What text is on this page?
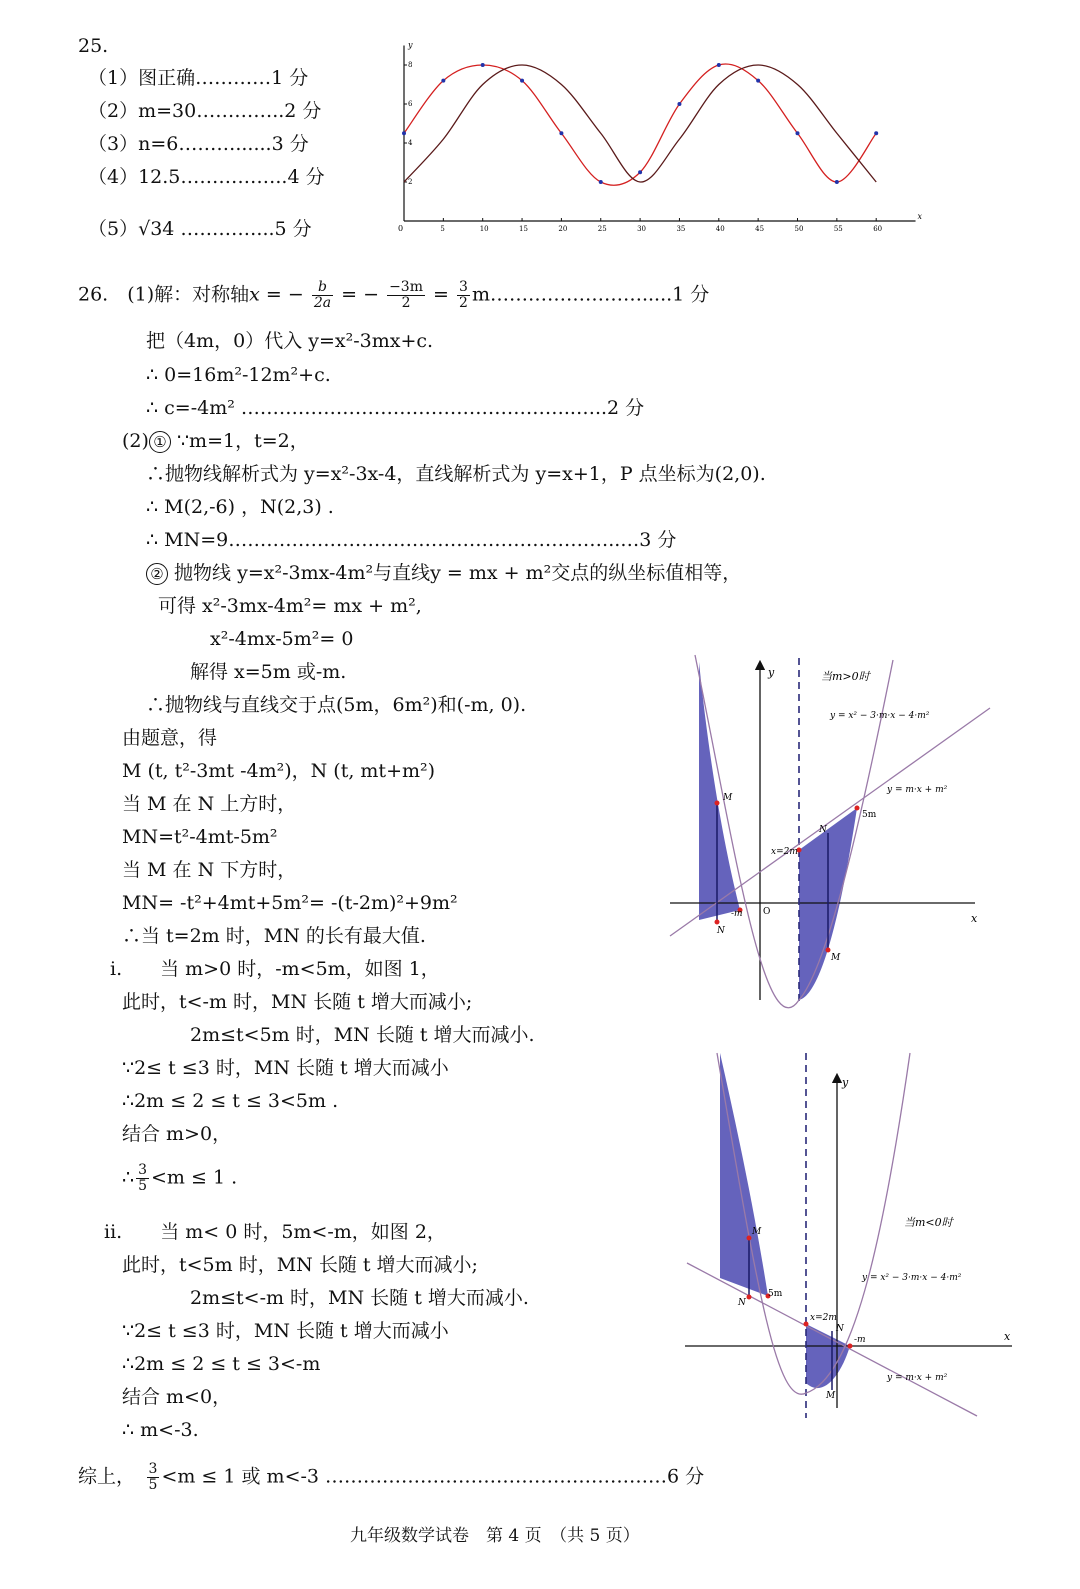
25.
（1）图正确…………1 分
（2）m=30…………..2 分
（3）n=6………......3 分
（4）12.5……………..4 分
（5）√34 …………...5 分
y
x
0	5	10	15	20	25	30	35	40	45	50	55	60
2
4
6
8
26.　(1)解：对称轴x = − $\frac{b}{2a}$ = − $\frac{-3m}{2} = \frac{3}{2}$ m…………………….....1 分
把（4m，0）代入 y=x²-3mx+c.
∴ 0=16m²-12m²+c.
∴ c=-4m² ……………………………………………..…..2 分
(2) ① ∵m=1，t=2，
∴抛物线解析式为 y=x²-3x-4，直线解析式为 y=x+1，P 点坐标为(2,0).
∴ M(2,-6) ，N(2,3) .
∴ MN=9……………………………………………………..…3 分
② 抛物线 y=x²-3mx-4m²与直线y = mx + m²交点的纵坐标值相等，
可得 x²-3mx-4m²= mx + m²,
x²-4mx-5m²= 0
解得 x=5m 或-m.
∴抛物线与直线交于点(5m，6m²)和(-m, 0).
由题意，得
M (t, t²-3mt -4m²)，N (t, mt+m²)
当 M 在 N 上方时，
MN=t²-4mt-5m²
当 M 在 N 下方时，
MN= -t²+4mt+5m²= -(t-2m)²+9m²
∴当 t=2m 时，MN 的长有最大值.
i.　　当 m>0 时，-m<5m，如图 1，
此时，t<-m 时，MN 长随 t 增大而减小;
2m≤t<5m 时，MN 长随 t 增大而减小.
∵2≤ t ≤3 时，MN 长随 t 增大而减小
∴2m ≤ 2 ≤ t ≤ 3<5m .
结合 m>0，
∴ $\frac{3}{5} <m \le 1$ .
ii.　　当 m< 0 时，5m<-m，如图 2，
此时，t<5m 时，MN 长随 t 增大而减小;
2m≤t<-m 时，MN 长随 t 增大而减小.
∵2≤ t ≤3 时，MN 长随 t 增大而减小
∴2m ≤ 2 ≤ t ≤ 3<-m
结合 m<0，
∴ m<-3.
综上，　 $\frac{3}{5} <m \le 1$ 或 m<-3 ………………………………………………6 分
y
x
O
当m>0时
y = x² − 3·m·x − 4·m²
y = m·x + m²
M
N
-m
x=2m
N
5m
M
y
x
当m<0时
y = x² − 3·m·x − 4·m²
y = m·x + m²
M
N
5m
x=2m
N
-m
M
九年级数学试卷　第 4 页　（共 5 页）
